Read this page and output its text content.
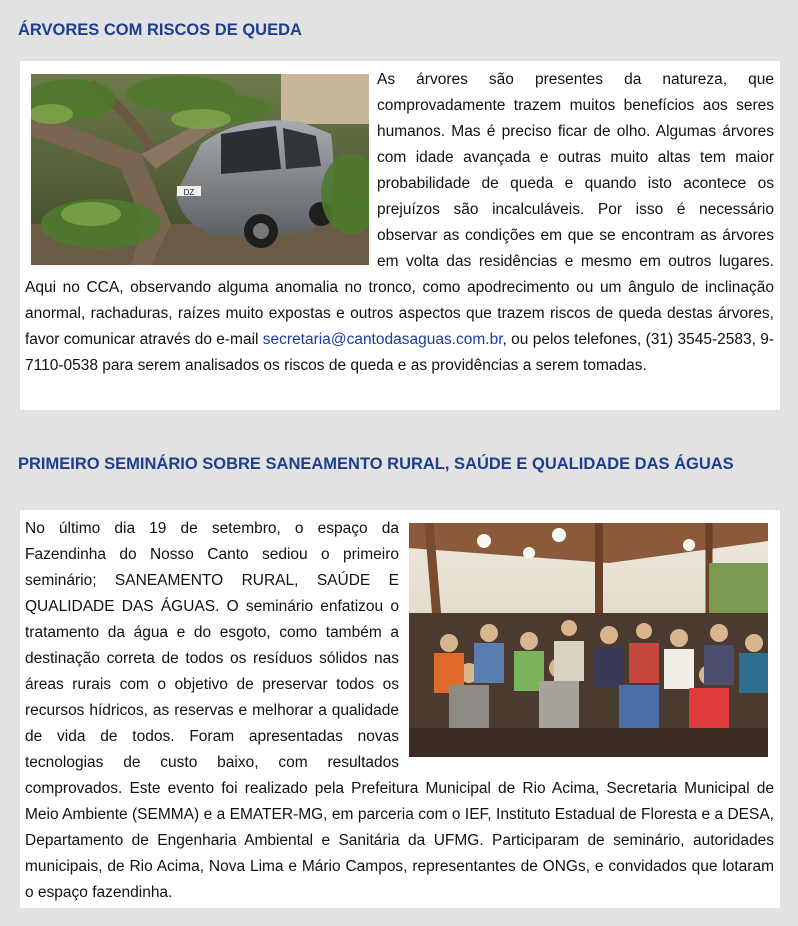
ÁRVORES COM RISCOS DE QUEDA
DZ

As árvores são presentes da natureza, que comprovadamente trazem muitos benefícios aos seres humanos. Mas é preciso ficar de olho. Algumas árvores com idade avançada e outras muito altas tem maior probabilidade de queda e quando isto acontece os prejuízos são incalculáveis. Por isso é necessário observar as condições em que se encontram as árvores em volta das residências e mesmo em outros lugares. Aqui no CCA, observando alguma anomalia no tronco, como apodrecimento ou um ângulo de inclinação anormal, rachaduras, raízes muito expostas e outros aspectos que trazem riscos de queda destas árvores, favor comunicar através do e-mail secretaria@cantodasaguas.com.br, ou pelos telefones, (31) 3545-2583, 9-7110-0538 para serem analisados os riscos de queda e as providências a serem tomadas.

PRIMEIRO SEMINÁRIO SOBRE SANEAMENTO RURAL, SAÚDE E QUALIDADE DAS ÁGUAS

No último dia 19 de setembro, o espaço da Fazendinha do Nosso Canto sediou o primeiro seminário; SANEAMENTO RURAL, SAÚDE E QUALIDADE DAS ÁGUAS. O seminário enfatizou o tratamento da água e do esgoto, como também a destinação correta de todos os resíduos sólidos nas áreas rurais com o objetivo de preservar todos os recursos hídricos, as reservas e melhorar a qualidade de vida de todos. Foram apresentadas novas tecnologias de custo baixo, com resultados comprovados. Este evento foi realizado pela Prefeitura Municipal de Rio Acima, Secretaria Municipal de Meio Ambiente (SEMMA) e a EMATER-MG, em parceria com o IEF, Instituto Estadual de Floresta e a DESA, Departamento de Engenharia Ambiental e Sanitária da UFMG. Participaram de seminário, autoridades municipais, de Rio Acima, Nova Lima e Mário Campos, representantes de ONGs, e convidados que lotaram o espaço fazendinha.
